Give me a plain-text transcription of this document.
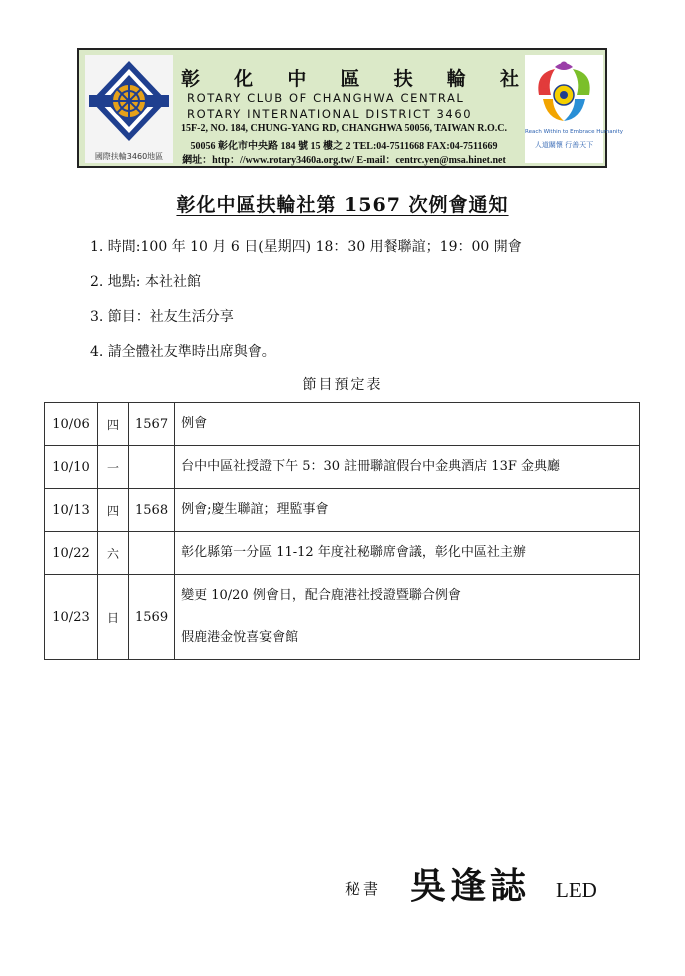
國際扶輪3460地區
彰 化 中 區 扶 輪 社
ROTARY CLUB OF CHANGHWA CENTRAL
ROTARY INTERNATIONAL DISTRICT 3460
15F-2, NO. 184, CHUNG-YANG RD, CHANGHWA 50056, TAIWAN R.O.C.
50056 彰化市中央路 184 號 15 樓之 2 TEL:04-7511668 FAX:04-7511669
網址：http：//www.rotary3460a.org.tw/ E-mail：centrc.yen@msa.hinet.net
Reach Within to Embrace Humanity
人道關懷 行善天下
彰化中區扶輪社第 1567 次例會通知
1. 時間:100 年 10 月 6 日(星期四) 18：30 用餐聯誼；19：00 開會
2. 地點: 本社社館
3. 節目：社友生活分享
4. 請全體社友準時出席與會。
節目預定表
10/06	四	1567	例會

10/10	一		台中中區社授證下午 5：30 註冊聯誼假台中金典酒店 13F 金典廳

10/13	四	1568	例會;慶生聯誼；理監事會

10/22	六		彰化縣第一分區 11-12 年度社秘聯席會議，彰化中區社主辦

10/23	日	1569	變更 10/20 例會日，配合鹿港社授證暨聯合例會
假鹿港金悅喜宴會館
秘書 吳逢誌 LED
